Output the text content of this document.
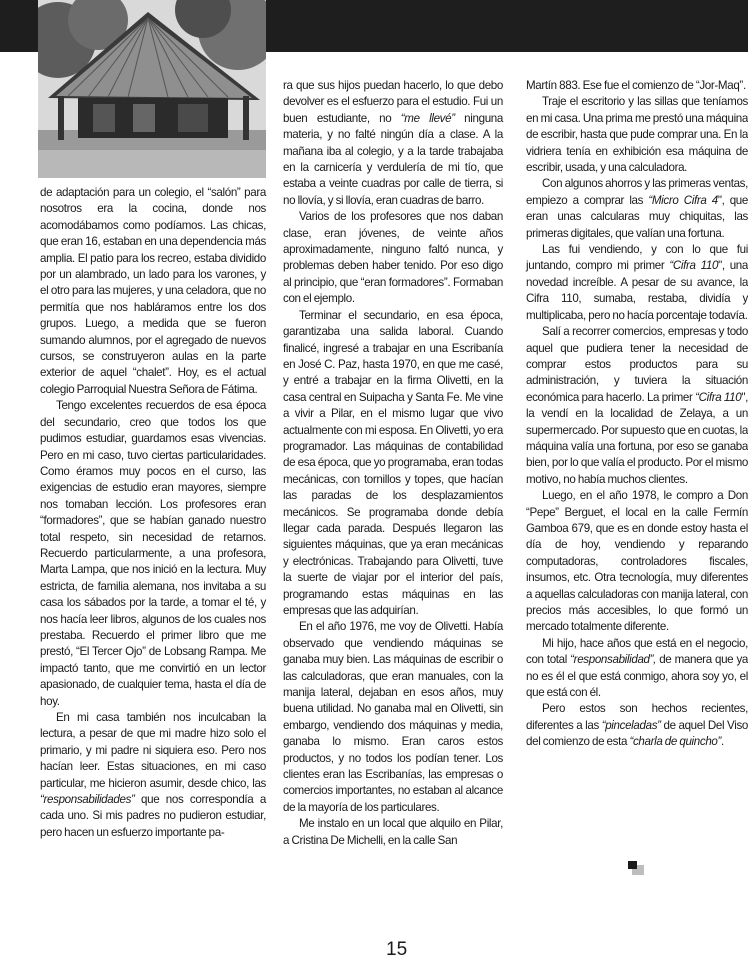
de adaptación para un colegio, el “salón” para nosotros era la cocina, donde nos acomodábamos como podíamos. Las chicas, que eran 16, estaban en una dependencia más amplia. El patio para los recreo, estaba dividido por un alambrado, un lado para los varones, y el otro para las mujeres, y una celadora, que no permitía que nos habláramos entre los dos grupos. Luego, a medida que se fueron sumando alumnos, por el agregado de nuevos cursos, se construyeron aulas en la parte exterior de aquel “chalet”. Hoy, es el actual colegio Parroquial Nuestra Señora de Fátima.

Tengo excelentes recuerdos de esa época del secundario, creo que todos los que pudimos estudiar, guardamos esas vivencias. Pero en mi caso, tuvo ciertas particularidades. Como éramos muy pocos en el curso, las exigencias de estudio eran mayores, siempre nos tomaban lección. Los profesores eran “formadores”, que se habían ganado nuestro total respeto, sin necesidad de retarnos. Recuerdo particularmente, a una profesora, Marta Lampa, que nos inició en la lectura. Muy estricta, de familia alemana, nos invitaba a su casa los sábados por la tarde, a tomar el té, y nos hacía leer libros, algunos de los cuales nos prestaba. Recuerdo el primer libro que me prestó, “El Tercer Ojo” de Lobsang Rampa. Me impactó tanto, que me convirtió en un lector apasionado, de cualquier tema, hasta el día de hoy.

En mi casa también nos inculcaban la lectura, a pesar de que mi madre hizo solo el primario, y mi padre ni siquiera eso. Pero nos hacían leer. Estas situaciones, en mi caso particular, me hicieron asumir, desde chico, las “responsabilidades” que nos correspondía a cada uno. Si mis padres no pudieron estudiar, pero hacen un esfuerzo importante pa-

ra que sus hijos puedan hacerlo, lo que debo devolver es el esfuerzo para el estudio. Fui un buen estudiante, no “me llevé” ninguna materia, y no falté ningún día a clase. A la mañana iba al colegio, y a la tarde trabajaba en la carnicería y verdulería de mi tío, que estaba a veinte cuadras por calle de tierra, si no llovía, y si llovía, eran cuadras de barro.

Varios de los profesores que nos daban clase, eran jóvenes, de veinte años aproximadamente, ninguno faltó nunca, y problemas deben haber tenido. Por eso digo al principio, que “eran formadores”. Formaban con el ejemplo.

Terminar el secundario, en esa época, garantizaba una salida laboral. Cuando finalicé, ingresé a trabajar en una Escribanía en José C. Paz, hasta 1970, en que me casé, y entré a trabajar en la firma Olivetti, en la casa central en Suipacha y Santa Fe. Me vine a vivir a Pilar, en el mismo lugar que vivo actualmente con mi esposa. En Olivetti, yo era programador. Las máquinas de contabilidad de esa época, que yo programaba, eran todas mecánicas, con tornillos y topes, que hacían las paradas de los desplazamientos mecánicos. Se programaba donde debía llegar cada parada. Después llegaron las siguientes máquinas, que ya eran mecánicas y electrónicas. Trabajando para Olivetti, tuve la suerte de viajar por el interior del país, programando estas máquinas en las empresas que las adquirían.

En el año 1976, me voy de Olivetti. Había observado que vendiendo máquinas se ganaba muy bien. Las máquinas de escribir o las calculadoras, que eran manuales, con la manija lateral, dejaban en esos años, muy buena utilidad. No ganaba mal en Olivetti, sin embargo, vendiendo dos máquinas y media, ganaba lo mismo. Eran caros estos productos, y no todos los podían tener. Los clientes eran las Escribanías, las empresas o comercios importantes, no estaban al alcance de la mayoría de los particulares.

Me instalo en un local que alquilo en Pilar, a Cristina De Michelli, en la calle San

Martín 883. Ese fue el comienzo de “Jor-Maq”.

Traje el escritorio y las sillas que teníamos en mi casa. Una prima me prestó una máquina de escribir, hasta que pude comprar una. En la vidriera tenía en exhibición esa máquina de escribir, usada, y una calculadora.

Con algunos ahorros y las primeras ventas, empiezo a comprar las “Micro Cifra 4", que eran unas calcularas muy chiquitas, las primeras digitales, que valían una fortuna.

Las fui vendiendo, y con lo que fui juntando, compro mi primer “Cifra 110", una novedad increíble. A pesar de su avance, la Cifra 110, sumaba, restaba, dividía y multiplicaba, pero no hacía porcentaje todavía.

Salí a recorrer comercios, empresas y todo aquel que pudiera tener la necesidad de comprar estos productos para su administración, y tuviera la situación económica para hacerlo. La primer “Cifra 110", la vendí en la localidad de Zelaya, a un supermercado. Por supuesto que en cuotas, la máquina valía una fortuna, por eso se ganaba bien, por lo que valía el producto. Por el mismo motivo, no había muchos clientes.

Luego, en el año 1978, le compro a Don “Pepe” Berguet, el local en la calle Fermín Gamboa 679, que es en donde estoy hasta el día de hoy, vendiendo y reparando computadoras, controladores fiscales, insumos, etc. Otra tecnología, muy diferentes a aquellas calculadoras con manija lateral, con precios más accesibles, lo que formó un mercado totalmente diferente.

Mi hijo, hace años que está en el negocio, con total “responsabilidad”, de manera que ya no es él el que está conmigo, ahora soy yo, el que está con él.

Pero estos son hechos recientes, diferentes a las “pinceladas” de aquel Del Viso del comienzo de esta “charla de quincho”.

15
